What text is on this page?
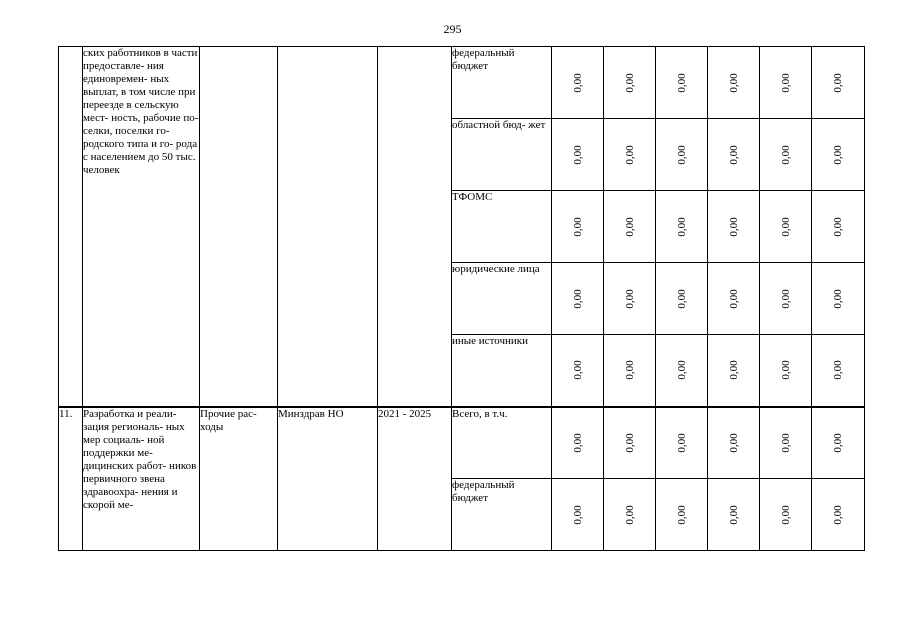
295
	ских работников в части предоставле- ния единовремен- ных выплат, в том числе при переезде в сельскую мест- ность, рабочие по- селки, поселки го- родского типа и го- рода с населением до 50 тыс. человек				федеральный бюджет	0,00	0,00	0,00	0,00	0,00	0,00

					областной бюд- жет	0,00	0,00	0,00	0,00	0,00	0,00

					ТФОМС	0,00	0,00	0,00	0,00	0,00	0,00

					юридические лица	0,00	0,00	0,00	0,00	0,00	0,00

					иные источники	0,00	0,00	0,00	0,00	0,00	0,00

11.	Разработка и реали- зация региональ- ных мер социаль- ной поддержки ме- дицинских работ- ников первичного звена здравоохра- нения и скорой ме-	Прочие рас- ходы	Минздрав НО	2021 - 2025	Всего, в т.ч.	0,00	0,00	0,00	0,00	0,00	0,00

					федеральный бюджет	0,00	0,00	0,00	0,00	0,00	0,00
